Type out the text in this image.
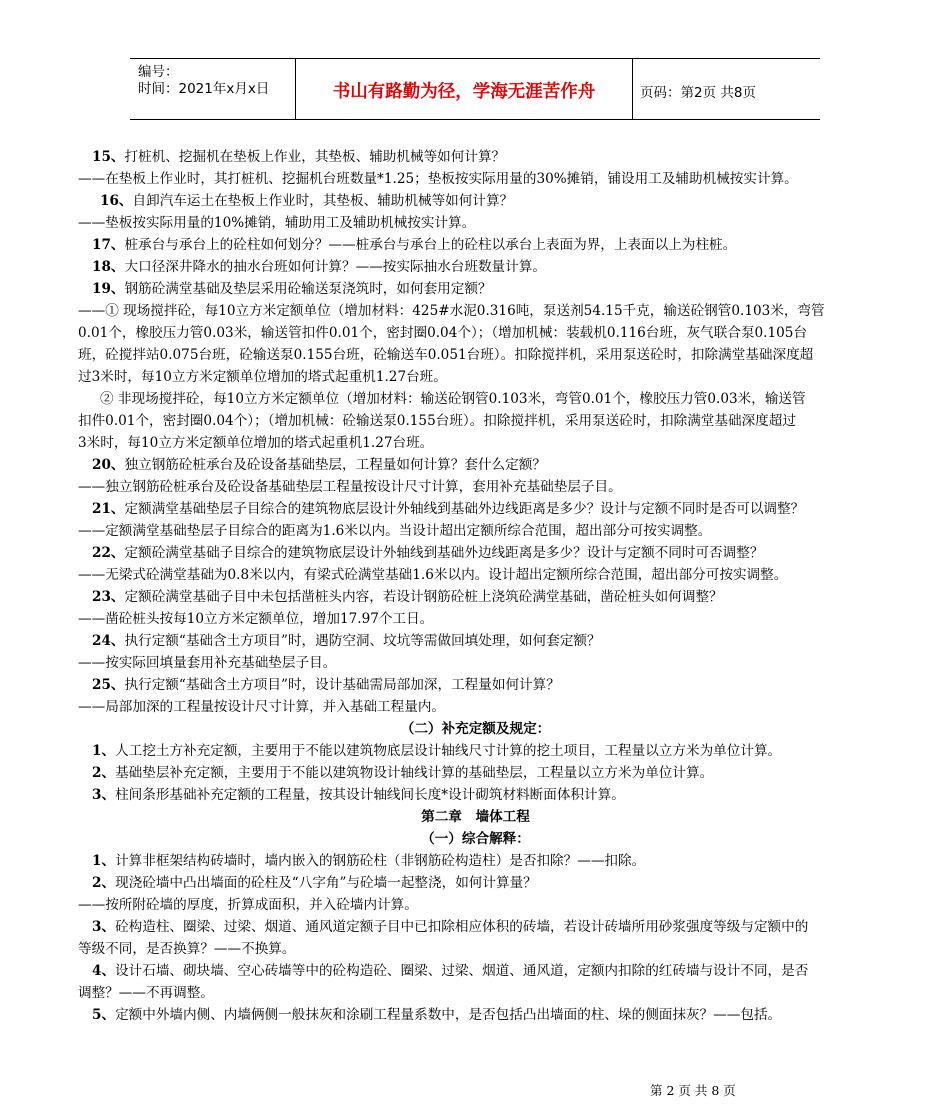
编号：
时间：2021年x月x日	书山有路勤为径，学海无涯苦作舟	页码：第2页 共8页
15、打桩机、挖掘机在垫板上作业，其垫板、辅助机械等如何计算？
——在垫板上作业时，其打桩机、挖掘机台班数量*1.25；垫板按实际用量的30%摊销，铺设用工及辅助机械按实计算。
16、自卸汽车运土在垫板上作业时，其垫板、辅助机械等如何计算？
——垫板按实际用量的10%摊销，辅助用工及辅助机械按实计算。
17、桩承台与承台上的砼柱如何划分？——桩承台与承台上的砼柱以承台上表面为界，上表面以上为柱桩。
18、大口径深井降水的抽水台班如何计算？——按实际抽水台班数量计算。
19、钢筋砼满堂基础及垫层采用砼输送泵浇筑时，如何套用定额？
——① 现场搅拌砼，每10立方米定额单位（增加材料：425#水泥0.316吨，泵送剂54.15千克，输送砼钢管0.103米，弯管
0.01个，橡胶压力管0.03米，输送管扣件0.01个，密封圈0.04个）；（增加机械：装载机0.116台班，灰气联合泵0.105台
班，砼搅拌站0.075台班，砼输送泵0.155台班，砼输送车0.051台班）。扣除搅拌机，采用泵送砼时，扣除满堂基础深度超
过3米时，每10立方米定额单位增加的塔式起重机1.27台班。
② 非现场搅拌砼，每10立方米定额单位（增加材料：输送砼钢管0.103米，弯管0.01个，橡胶压力管0.03米，输送管
扣件0.01个，密封圈0.04个）；（增加机械：砼输送泵0.155台班）。扣除搅拌机，采用泵送砼时，扣除满堂基础深度超过
3米时，每10立方米定额单位增加的塔式起重机1.27台班。
20、独立钢筋砼桩承台及砼设备基础垫层，工程量如何计算？套什么定额？
——独立钢筋砼桩承台及砼设备基础垫层工程量按设计尺寸计算，套用补充基础垫层子目。
21、定额满堂基础垫层子目综合的建筑物底层设计外轴线到基础外边线距离是多少？设计与定额不同时是否可以调整？
——定额满堂基础垫层子目综合的距离为1.6米以内。当设计超出定额所综合范围，超出部分可按实调整。
22、定额砼满堂基础子目综合的建筑物底层设计外轴线到基础外边线距离是多少？设计与定额不同时可否调整？
——无梁式砼满堂基础为0.8米以内，有梁式砼满堂基础1.6米以内。设计超出定额所综合范围，超出部分可按实调整。
23、定额砼满堂基础子目中未包括凿桩头内容，若设计钢筋砼桩上浇筑砼满堂基础，凿砼桩头如何调整？
——凿砼桩头按每10立方米定额单位，增加17.97个工日。
24、执行定额“基础含土方项目”时，遇防空洞、坟坑等需做回填处理，如何套定额？
——按实际回填量套用补充基础垫层子目。
25、执行定额“基础含土方项目”时，设计基础需局部加深，工程量如何计算？
——局部加深的工程量按设计尺寸计算，并入基础工程量内。
（二）补充定额及规定：
1、人工挖土方补充定额，主要用于不能以建筑物底层设计轴线尺寸计算的挖土项目，工程量以立方米为单位计算。
2、基础垫层补充定额，主要用于不能以建筑物设计轴线计算的基础垫层，工程量以立方米为单位计算。
3、柱间条形基础补充定额的工程量，按其设计轴线间长度*设计砌筑材料断面体积计算。
第二章　墙体工程
（一）综合解释：
1、计算非框架结构砖墙时，墙内嵌入的钢筋砼柱（非钢筋砼构造柱）是否扣除？——扣除。
2、现浇砼墙中凸出墙面的砼柱及“八字角”与砼墙一起整浇，如何计算量？
——按所附砼墙的厚度，折算成面积，并入砼墙内计算。
3、砼构造柱、圈梁、过梁、烟道、通风道定额子目中已扣除相应体积的砖墙，若设计砖墙所用砂浆强度等级与定额中的
等级不同，是否换算？——不换算。
4、设计石墙、砌块墙、空心砖墙等中的砼构造砼、圈梁、过梁、烟道、通风道，定额内扣除的红砖墙与设计不同，是否
调整？——不再调整。
5、定额中外墙内侧、内墙俩侧一般抹灰和涂刷工程量系数中，是否包括凸出墙面的柱、垛的侧面抹灰？——包括。
第 2 页 共 8 页
